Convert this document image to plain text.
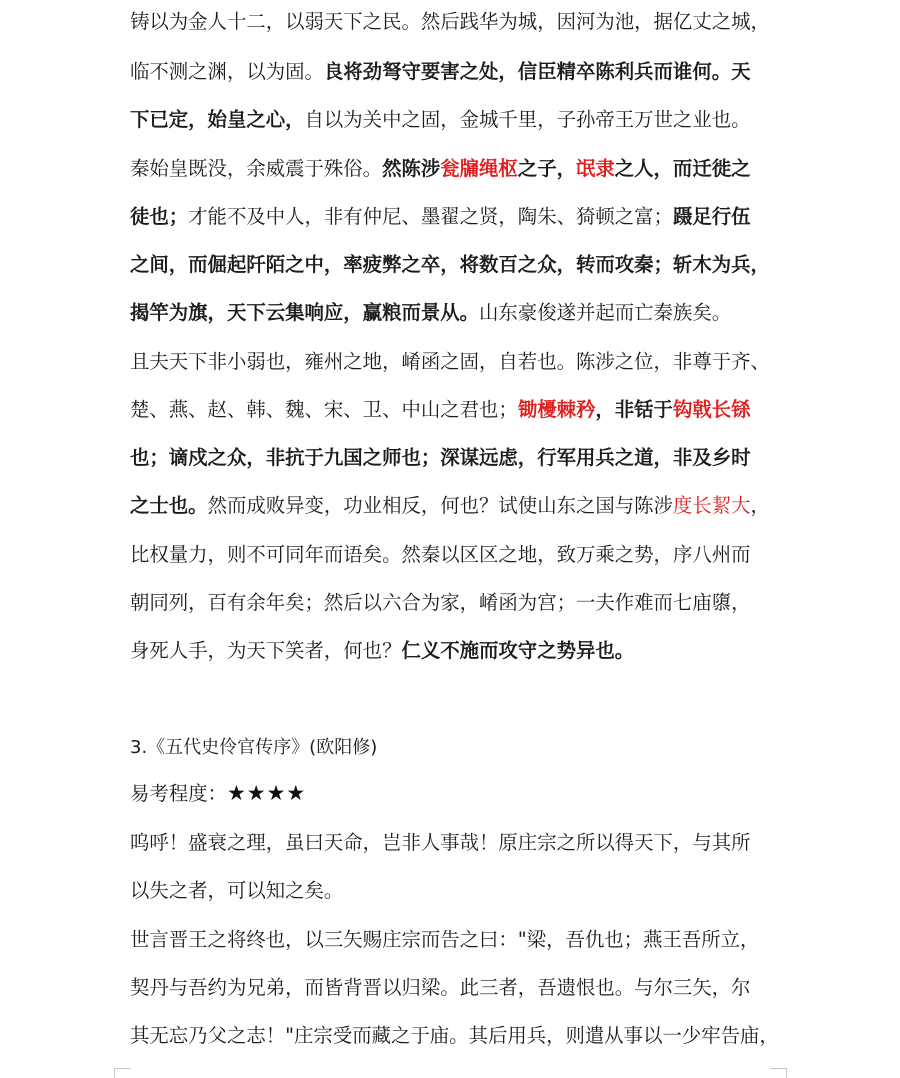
铸以为金人十二，以弱天下之民。然后践华为城，因河为池，据亿丈之城，
临不测之渊，以为固。良将劲弩守要害之处，信臣精卒陈利兵而谁何。天
下已定，始皇之心，自以为关中之固，金城千里，子孙帝王万世之业也。
秦始皇既没，余威震于殊俗。然陈涉瓮牖绳枢之子，氓隶之人，而迁徙之
徒也；才能不及中人，非有仲尼、墨翟之贤，陶朱、猗顿之富；蹑足行伍
之间，而倔起阡陌之中，率疲弊之卒，将数百之众，转而攻秦；斩木为兵，
揭竿为旗，天下云集响应，赢粮而景从。山东豪俊遂并起而亡秦族矣。
且夫天下非小弱也，雍州之地，崤函之固，自若也。陈涉之位，非尊于齐、
楚、燕、赵、韩、魏、宋、卫、中山之君也；锄櫌棘矜，非铦于钩戟长铩
也；谪戍之众，非抗于九国之师也；深谋远虑，行军用兵之道，非及乡时
之士也。然而成败异变，功业相反，何也？试使山东之国与陈涉度长絜大，
比权量力，则不可同年而语矣。然秦以区区之地，致万乘之势，序八州而
朝同列，百有余年矣；然后以六合为家，崤函为宫；一夫作难而七庙隳，
身死人手，为天下笑者，何也？仁义不施而攻守之势异也。
3.《五代史伶官传序》(欧阳修)
易考程度：★★★★
呜呼！盛衰之理，虽曰天命，岂非人事哉！原庄宗之所以得天下，与其所
以失之者，可以知之矣。
世言晋王之将终也，以三矢赐庄宗而告之曰："梁，吾仇也；燕王吾所立，
契丹与吾约为兄弟，而皆背晋以归梁。此三者，吾遗恨也。与尔三矢，尔
其无忘乃父之志！"庄宗受而藏之于庙。其后用兵，则遣从事以一少牢告庙，
